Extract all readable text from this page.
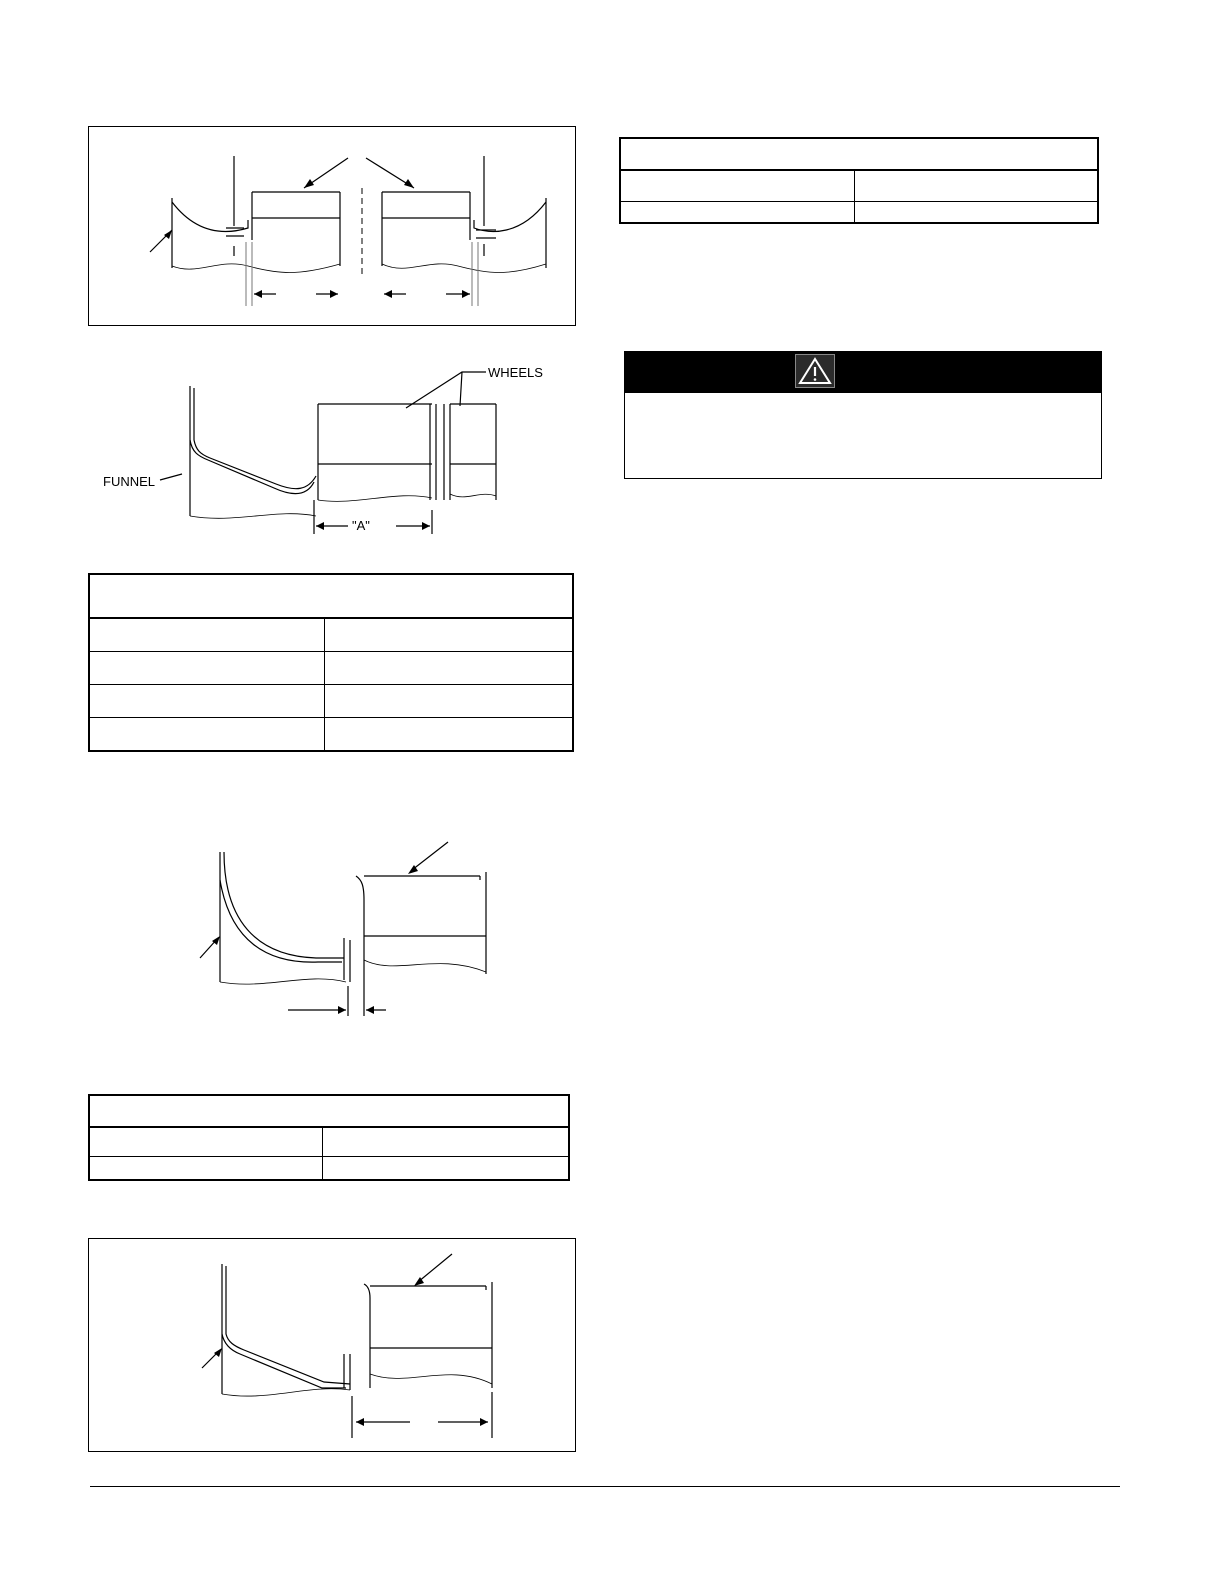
WHEELS
FUNNEL
"A"
